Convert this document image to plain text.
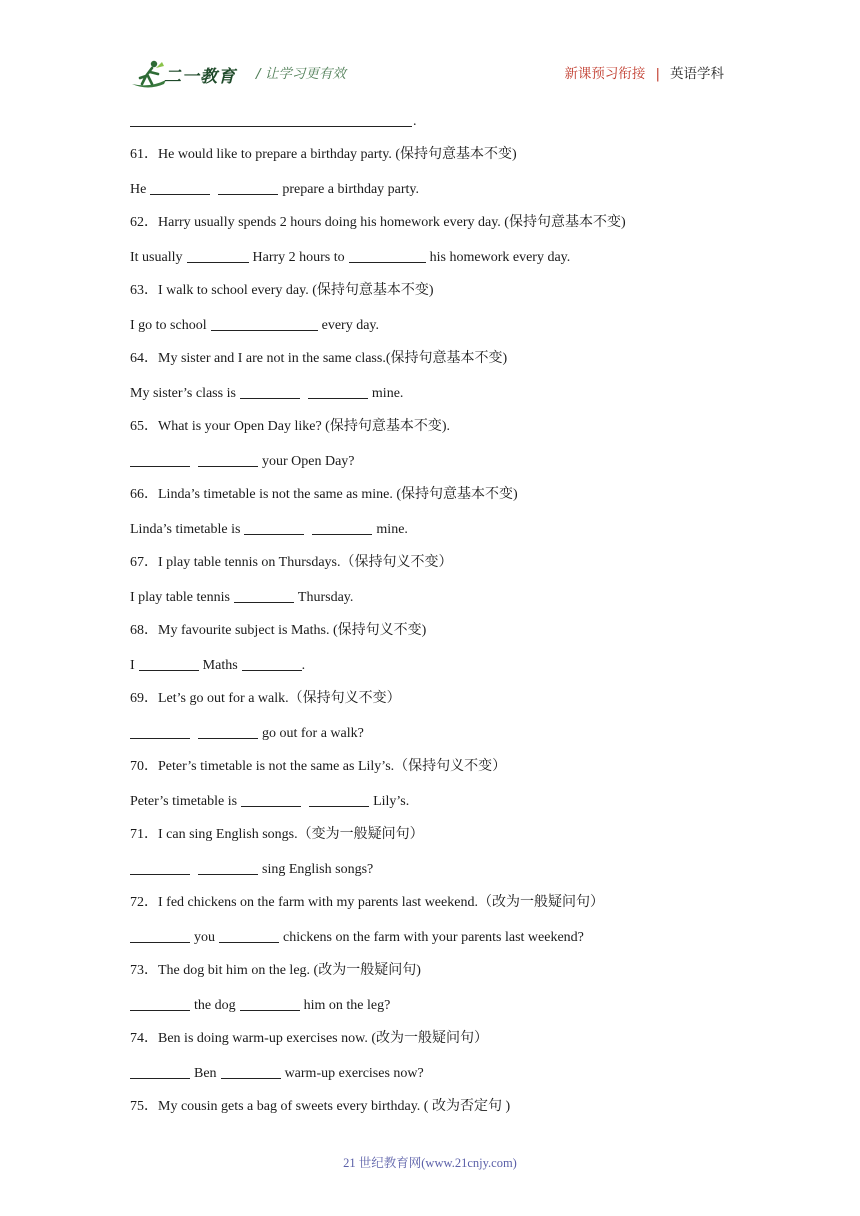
二一教育 / 让学习更有效	新课预习衔接 | 英语学科
.
61．He would like to prepare a birthday party. (保持句意基本不变)
He	prepare a birthday party.
62．Harry usually spends 2 hours doing his homework every day. (保持句意基本不变)
It usually	Harry 2 hours to	his homework every day.
63．I walk to school every day. (保持句意基本不变)
I go to school	every day.
64．My sister and I are not in the same class.(保持句意基本不变)
My sister’s class is	mine.
65．What is your Open Day like? (保持句意基本不变).
your Open Day?
66．Linda’s timetable is not the same as mine. (保持句意基本不变)
Linda’s timetable is	mine.
67．I play table tennis on Thursdays.（保持句义不变）
I play table tennis	Thursday.
68．My favourite subject is Maths. (保持句义不变)
I	Maths	.
69．Let’s go out for a walk.（保持句义不变）
go out for a walk?
70．Peter’s timetable is not the same as Lily’s.（保持句义不变）
Peter’s timetable is	Lily’s.
71．I can sing English songs.（变为一般疑问句）
sing English songs?
72．I fed chickens on the farm with my parents last weekend.（改为一般疑问句）
you	chickens on the farm with your parents last weekend?
73．The dog bit him on the leg. (改为一般疑问句)
the dog	him on the leg?
74．Ben is doing warm-up exercises now. (改为一般疑问句）
Ben	warm-up exercises now?
75．My cousin gets a bag of sweets every birthday. ( 改为否定句 )
21 世纪教育网(www.21cnjy.com)
